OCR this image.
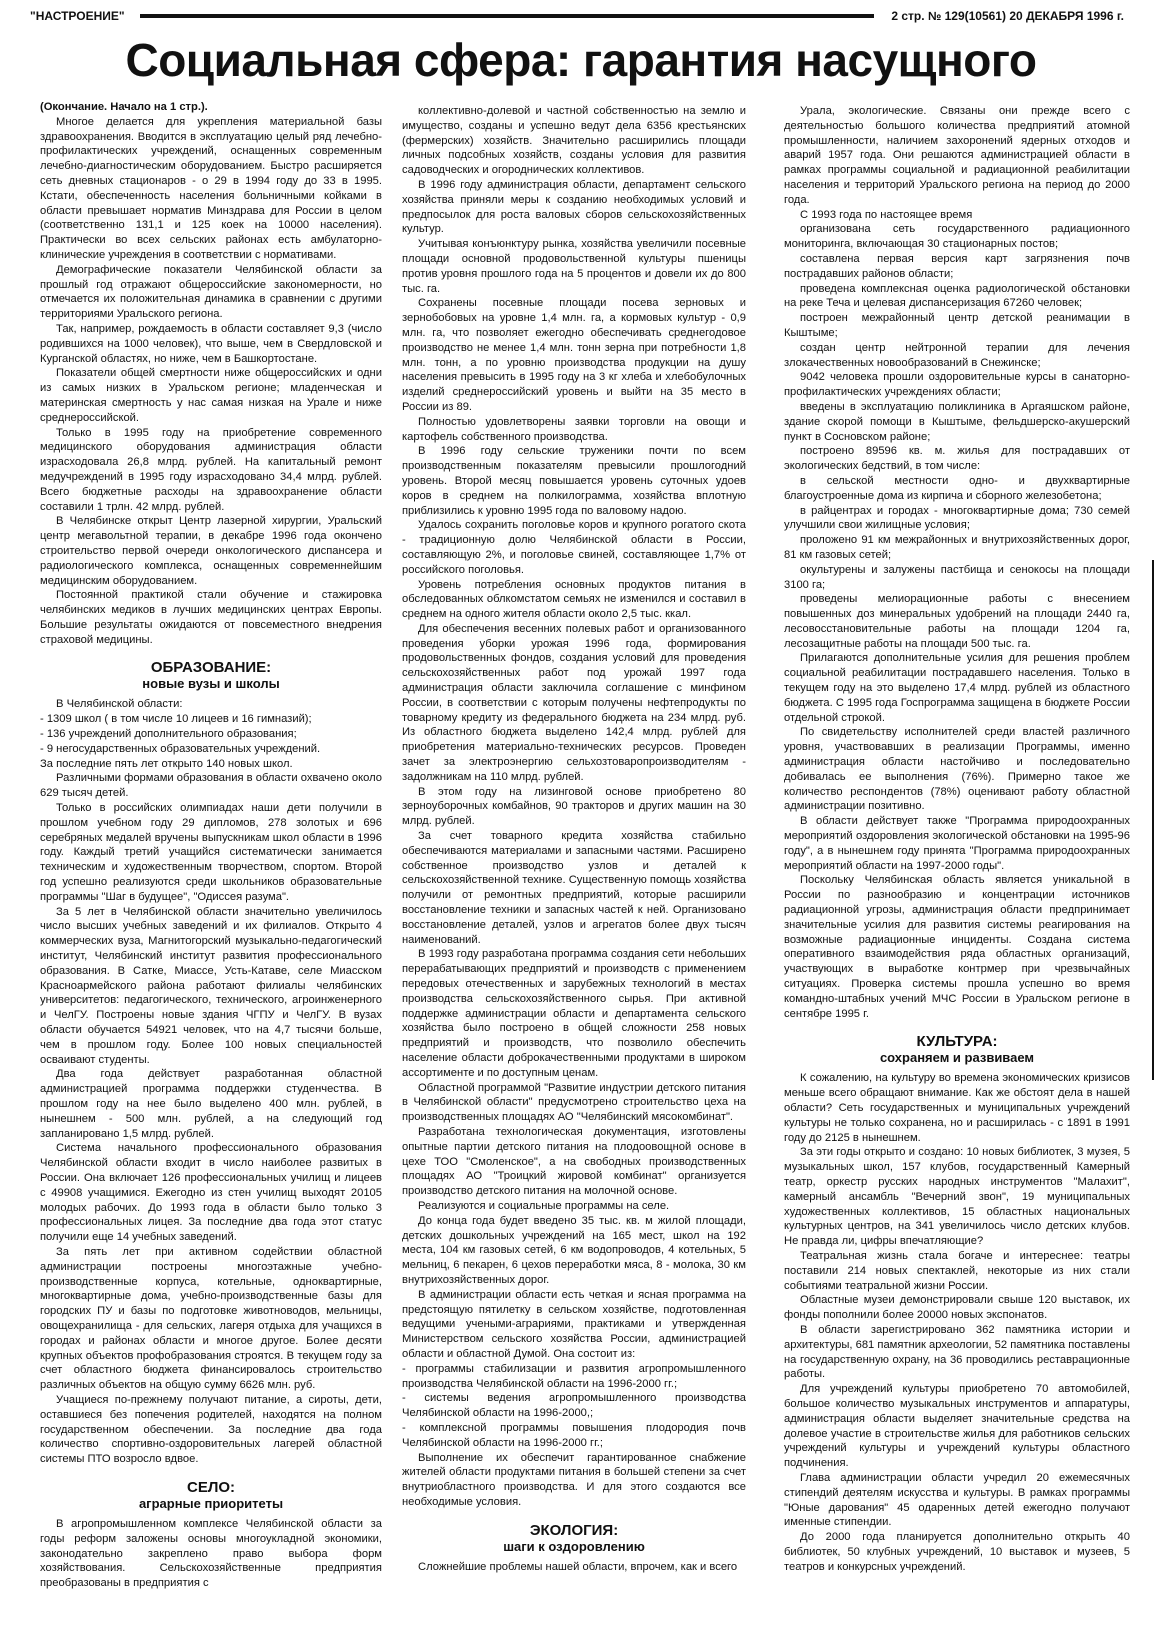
"НАСТРОЕНИЕ"	2 стр. № 129(10561) 20 ДЕКАБРЯ 1996 г.
Социальная сфера: гарантия насущного

(Окончание. Начало на 1 стр.).

Многое делается для укрепления материальной базы здравоохранения. Вводится в эксплуатацию целый ряд лечебно-профилактических учреждений, оснащенных современным лечебно-диагностическим оборудованием. Быстро расширяется сеть дневных стационаров - о 29 в 1994 году до 33 в 1995. Кстати, обеспеченность населения больничными койками в области превышает норматив Минздрава для России в целом (соответственно 131,1 и 125 коек на 10000 населения). Практически во всех сельских районах есть амбулаторно-клинические учреждения в соответствии с нормативами.

Демографические показатели Челябинской области за прошлый год отражают общероссийские закономерности, но отмечается их положительная динамика в сравнении с другими территориями Уральского региона.

Так, например, рождаемость в области составляет 9,3 (число родившихся на 1000 человек), что выше, чем в Свердловской и Курганской областях, но ниже, чем в Башкортостане.

Показатели общей смертности ниже общероссийских и одни из самых низких в Уральском регионе; младенческая и материнская смертность у нас самая низкая на Урале и ниже среднероссийской.

Только в 1995 году на приобретение современного медицинского оборудования администрация области израсходовала 26,8 млрд. рублей. На капитальный ремонт медучреждений в 1995 году израсходовано 34,4 млрд. рублей. Всего бюджетные расходы на здравоохранение области составили 1 трлн. 42 млрд. рублей.

В Челябинске открыт Центр лазерной хирургии, Уральский центр мегавольтной терапии, в декабре 1996 года окончено строительство первой очереди онкологического диспансера и радиологического комплекса, оснащенных современнейшим медицинским оборудованием.

Постоянной практикой стали обучение и стажировка челябинских медиков в лучших медицинских центрах Европы. Большие результаты ожидаются от повсеместного внедрения страховой медицины.

ОБРАЗОВАНИЕ:
новые вузы и школы

В Челябинской области:

- 1309 школ ( в том числе 10 лицеев и 16 гимназий);

- 136 учреждений дополнительного образования;

- 9 негосударственных образовательных учреждений.

За последние пять лет открыто 140 новых школ.

Различными формами образования в области охвачено около 629 тысяч детей.

Только в российских олимпиадах наши дети получили в прошлом учебном году 29 дипломов, 278 золотых и 696 серебряных медалей вручены выпускникам школ области в 1996 году. Каждый третий учащийся систематически занимается техническим и художественным творчеством, спортом. Второй год успешно реализуются среди школьников образовательные программы "Шаг в будущее", "Одиссея разума".

За 5 лет в Челябинской области значительно увеличилось число высших учебных заведений и их филиалов. Открыто 4 коммерческих вуза, Магнитогорский музыкально-педагогический институт, Челябинский институт развития профессионального образования. В Сатке, Миассе, Усть-Катаве, селе Миасском Красноармейского района работают филиалы челябинских университетов: педагогического, технического, агроинженерного и ЧелГУ. Построены новые здания ЧГПУ и ЧелГУ. В вузах области обучается 54921 человек, что на 4,7 тысячи больше, чем в прошлом году. Более 100 новых специальностей осваивают студенты.

Два года действует разработанная областной администрацией программа поддержки студенчества. В прошлом году на нее было выделено 400 млн. рублей, в нынешнем - 500 млн. рублей, а на следующий год запланировано 1,5 млрд. рублей.

Система начального профессионального образования Челябинской области входит в число наиболее развитых в России. Она включает 126 профессиональных училищ и лицеев с 49908 учащимися. Ежегодно из стен училищ выходят 20105 молодых рабочих. До 1993 года в области было только 3 профессиональных лицея. За последние два года этот статус получили еще 14 учебных заведений.

За пять лет при активном содействии областной администрации построены многоэтажные учебно-производственные корпуса, котельные, одноквартирные, многоквартирные дома, учебно-производственные базы для городских ПУ и базы по подготовке животноводов, мельницы, овощехранилища - для сельских, лагеря отдыха для учащихся в городах и районах области и многое другое. Более десяти крупных объектов профобразования строятся. В текущем году за счет областного бюджета финансировалось строительство различных объектов на общую сумму 6626 млн. руб.

Учащиеся по-прежнему получают питание, а сироты, дети, оставшиеся без попечения родителей, находятся на полном государственном обеспечении. За последние два года количество спортивно-оздоровительных лагерей областной системы ПТО возросло вдвое.

СЕЛО:
аграрные приоритеты

В агропромышленном комплексе Челябинской области за годы реформ заложены основы многоукладной экономики, законодательно закреплено право выбора форм хозяйствования. Сельскохозяйственные предприятия преобразованы в предприятия с

коллективно-долевой и частной собственностью на землю и имущество, созданы и успешно ведут дела 6356 крестьянских (фермерских) хозяйств. Значительно расширились площади личных подсобных хозяйств, созданы условия для развития садоводческих и огороднических коллективов.

В 1996 году администрация области, департамент сельского хозяйства приняли меры к созданию необходимых условий и предпосылок для роста валовых сборов сельскохозяйственных культур.

Учитывая конъюнктуру рынка, хозяйства увеличили посевные площади основной продовольственной культуры пшеницы против уровня прошлого года на 5 процентов и довели их до 800 тыс. га.

Сохранены посевные площади посева зерновых и зернобобовых на уровне 1,4 млн. га, а кормовых культур - 0,9 млн. га, что позволяет ежегодно обеспечивать среднегодовое производство не менее 1,4 млн. тонн зерна при потребности 1,8 млн. тонн, а по уровню производства продукции на душу населения превысить в 1995 году на 3 кг хлеба и хлебобулочных изделий среднероссийский уровень и выйти на 35 место в России из 89.

Полностью удовлетворены заявки торговли на овощи и картофель собственного производства.

В 1996 году сельские труженики почти по всем производственным показателям превысили прошлогодний уровень. Второй месяц повышается уровень суточных удоев коров в среднем на полкилограмма, хозяйства вплотную приблизились к уровню 1995 года по валовому надою.

Удалось сохранить поголовье коров и крупного рогатого скота - традиционную долю Челябинской области в России, составляющую 2%, и поголовье свиней, составляющее 1,7% от российского поголовья.

Уровень потребления основных продуктов питания в обследованных облкомстатом семьях не изменился и составил в среднем на одного жителя области около 2,5 тыс. ккал.

Для обеспечения весенних полевых работ и организованного проведения уборки урожая 1996 года, формирования продовольственных фондов, создания условий для проведения сельскохозяйственных работ под урожай 1997 года администрация области заключила соглашение с минфином России, в соответствии с которым получены нефтепродукты по товарному кредиту из федерального бюджета на 234 млрд. руб. Из областного бюджета выделено 142,4 млрд. рублей для приобретения материально-технических ресурсов. Проведен зачет за электроэнергию сельхозтоваропроизводителям - задолжникам на 110 млрд. рублей.

В этом году на лизинговой основе приобретено 80 зерноуборочных комбайнов, 90 тракторов и других машин на 30 млрд. рублей.

За счет товарного кредита хозяйства стабильно обеспечиваются материалами и запасными частями. Расширено собственное производство узлов и деталей к сельскохозяйственной технике. Существенную помощь хозяйства получили от ремонтных предприятий, которые расширили восстановление техники и запасных частей к ней. Организовано восстановление деталей, узлов и агрегатов более двух тысяч наименований.

В 1993 году разработана программа создания сети небольших перерабатывающих предприятий и производств с применением передовых отечественных и зарубежных технологий в местах производства сельскохозяйственного сырья. При активной поддержке администрации области и департамента сельского хозяйства было построено в общей сложности 258 новых предприятий и производств, что позволило обеспечить население области доброкачественными продуктами в широком ассортименте и по доступным ценам.

Областной программой "Развитие индустрии детского питания в Челябинской области" предусмотрено строительство цеха на производственных площадях АО "Челябинский мясокомбинат".

Разработана технологическая документация, изготовлены опытные партии детского питания на плодоовощной основе в цехе ТОО "Смоленское", а на свободных производственных площадях АО "Троицкий жировой комбинат" организуется производство детского питания на молочной основе.

Реализуются и социальные программы на селе.

До конца года будет введено 35 тыс. кв. м жилой площади, детских дошкольных учреждений на 165 мест, школ на 192 места, 104 км газовых сетей, 6 км водопроводов, 4 котельных, 5 мельниц, 6 пекарен, 6 цехов переработки мяса, 8 - молока, 30 км внутрихозяйственных дорог.

В администрации области есть четкая и ясная программа на предстоящую пятилетку в сельском хозяйстве, подготовленная ведущими учеными-аграриями, практиками и утвержденная Министерством сельского хозяйства России, администрацией области и областной Думой. Она состоит из:

- программы стабилизации и развития агропромышленного производства Челябинской области на 1996-2000 гг.;

- системы ведения агропромышленного производства Челябинской области на 1996-2000,;

- комплексной программы повышения плодородия почв Челябинской области на 1996-2000 гг.;

Выполнение их обеспечит гарантированное снабжение жителей области продуктами питания в большей степени за счет внутриобластного производства. И для этого создаются все необходимые условия.

ЭКОЛОГИЯ:
шаги к оздоровлению

Сложнейшие проблемы нашей области, впрочем, как и всего

Урала, экологические. Связаны они прежде всего с деятельностью большого количества предприятий атомной промышленности, наличием захоронений ядерных отходов и аварий 1957 года. Они решаются администрацией области в рамках программы социальной и радиационной реабилитации населения и территорий Уральского региона на период до 2000 года.

С 1993 года по настоящее время

организована сеть государственного радиационного мониторинга, включающая 30 стационарных постов;

составлена первая версия карт загрязнения почв пострадавших районов области;

проведена комплексная оценка радиологической обстановки на реке Теча и целевая диспансеризация 67260 человек;

построен межрайонный центр детской реанимации в Кыштыме;

создан центр нейтронной терапии для лечения злокачественных новообразований в Снежинске;

9042 человека прошли оздоровительные курсы в санаторно-профилактических учреждениях области;

введены в эксплуатацию поликлиника в Аргаяшском районе, здание скорой помощи в Кыштыме, фельдшерско-акушерский пункт в Сосновском районе;

построено 89596 кв. м. жилья для пострадавших от экологических бедствий, в том числе:

в сельской местности одно- и двухквартирные благоустроенные дома из кирпича и сборного железобетона;

в райцентрах и городах - многоквартирные дома; 730 семей улучшили свои жилищные условия;

проложено 91 км межрайонных и внутрихозяйственных дорог, 81 км газовых сетей;

окультурены и залужены пастбища и сенокосы на площади 3100 га;

проведены мелиорационные работы с внесением повышенных доз минеральных удобрений на площади 2440 га, лесовосстановительные работы на площади 1204 га, лесозащитные работы на площади 500 тыс. га.

Прилагаются дополнительные усилия для решения проблем социальной реабилитации пострадавшего населения. Только в текущем году на это выделено 17,4 млрд. рублей из областного бюджета. С 1995 года Госпрограмма защищена в бюджете России отдельной строкой.

По свидетельству исполнителей среди властей различного уровня, участвовавших в реализации Программы, именно администрация области настойчиво и последовательно добивалась ее выполнения (76%). Примерно такое же количество респондентов (78%) оценивают работу областной администрации позитивно.

В области действует также "Программа природоохранных мероприятий оздоровления экологической обстановки на 1995-96 году", а в нынешнем году принята "Программа природоохранных мероприятий области на 1997-2000 годы".

Поскольку Челябинская область является уникальной в России по разнообразию и концентрации источников радиационной угрозы, администрация области предпринимает значительные усилия для развития системы реагирования на возможные радиационные инциденты. Создана система оперативного взаимодействия ряда областных организаций, участвующих в выработке контрмер при чрезвычайных ситуациях. Проверка системы прошла успешно во время командно-штабных учений МЧС России в Уральском регионе в сентябре 1995 г.

КУЛЬТУРА:
сохраняем и развиваем

К сожалению, на культуру во времена экономических кризисов меньше всего обращают внимание. Как же обстоят дела в нашей области? Сеть государственных и муниципальных учреждений культуры не только сохранена, но и расширилась - с 1891 в 1991 году до 2125 в нынешнем.

За эти годы открыто и создано: 10 новых библиотек, 3 музея, 5 музыкальных школ, 157 клубов, государственный Камерный театр, оркестр русских народных инструментов "Малахит", камерный ансамбль "Вечерний звон", 19 муниципальных художественных коллективов, 15 областных национальных культурных центров, на 341 увеличилось число детских клубов. Не правда ли, цифры впечатляющие?

Театральная жизнь стала богаче и интереснее: театры поставили 214 новых спектаклей, некоторые из них стали событиями театральной жизни России.

Областные музеи демонстрировали свыше 120 выставок, их фонды пополнили более 20000 новых экспонатов.

В области зарегистрировано 362 памятника истории и архитектуры, 681 памятник археологии, 52 памятника поставлены на государственную охрану, на 36 проводились реставрационные работы.

Для учреждений культуры приобретено 70 автомобилей, большое количество музыкальных инструментов и аппаратуры, администрация области выделяет значительные средства на долевое участие в строительстве жилья для работников сельских учреждений культуры и учреждений культуры областного подчинения.

Глава администрации области учредил 20 ежемесячных стипендий деятелям искусства и культуры. В рамках программы "Юные дарования" 45 одаренных детей ежегодно получают именные стипендии.

До 2000 года планируется дополнительно открыть 40 библиотек, 50 клубных учреждений, 10 выставок и музеев, 5 театров и конкурсных учреждений.
